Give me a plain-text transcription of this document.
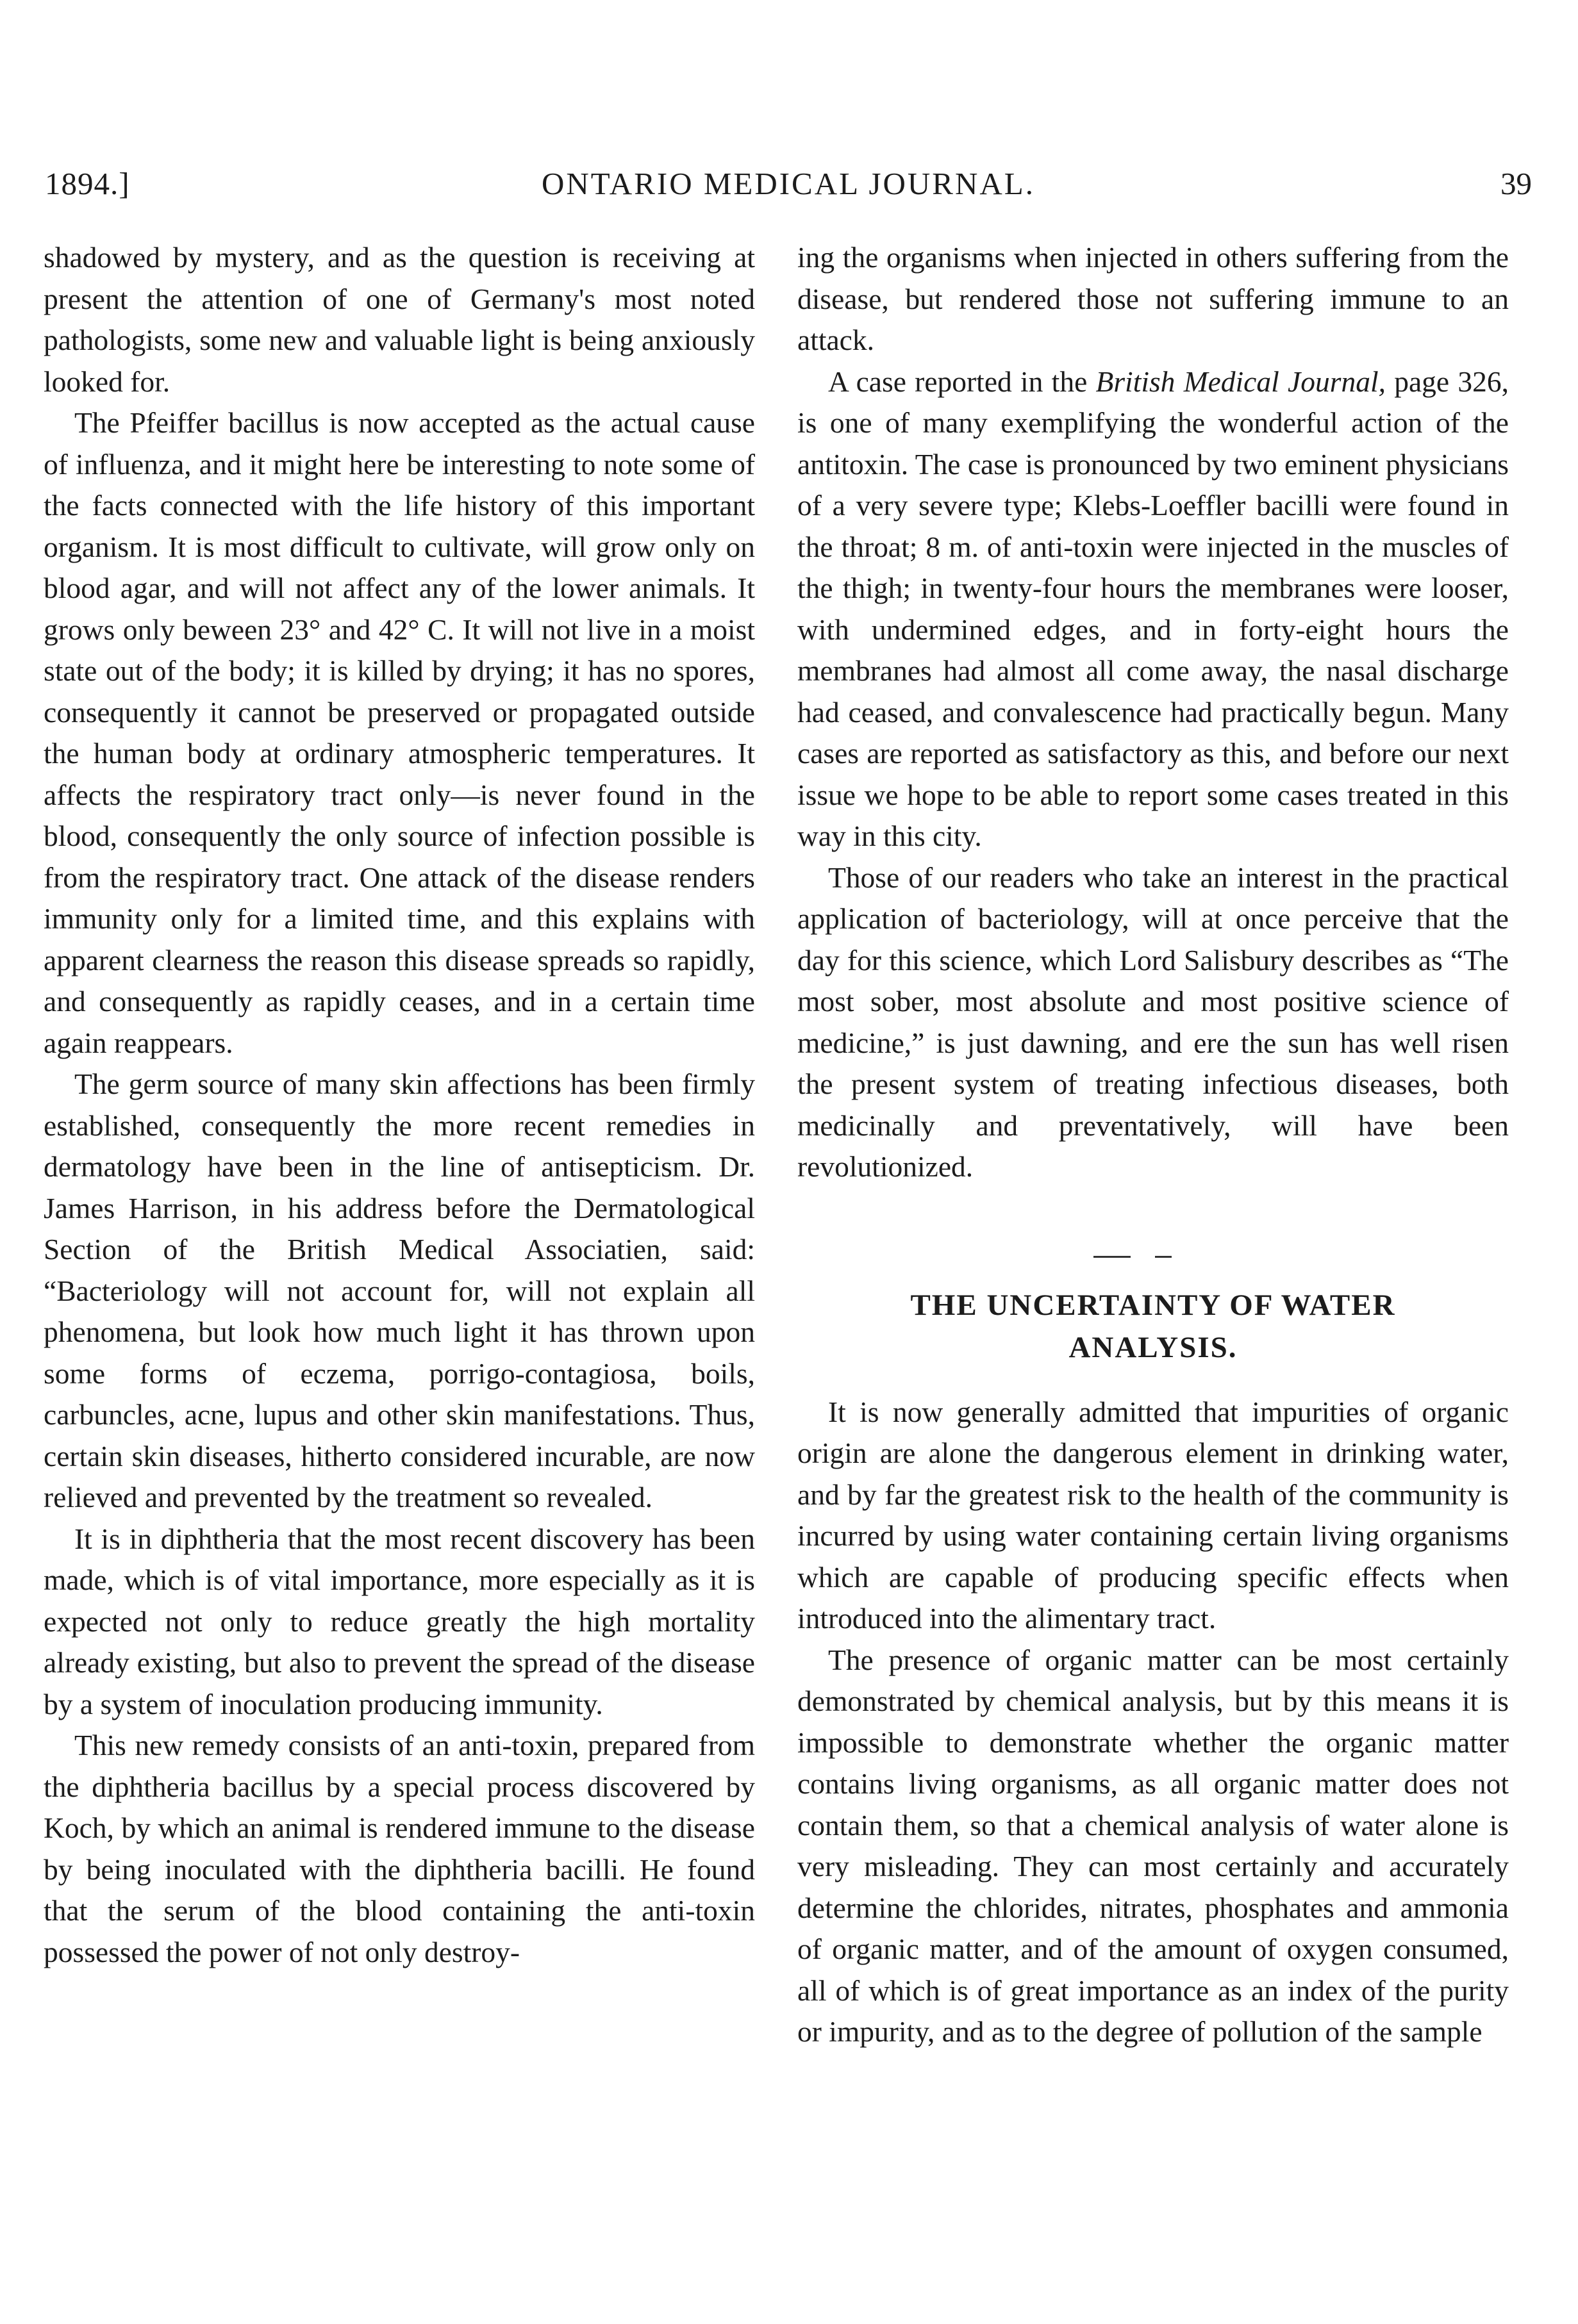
1894.]	ONTARIO MEDICAL JOURNAL.	39

shadowed by mystery, and as the question is receiving at present the attention of one of Germany's most noted pathologists, some new and valuable light is being anxiously looked for.

The Pfeiffer bacillus is now accepted as the actual cause of influenza, and it might here be interesting to note some of the facts connected with the life history of this important organism. It is most difficult to cultivate, will grow only on blood agar, and will not affect any of the lower animals. It grows only beween 23° and 42° C. It will not live in a moist state out of the body; it is killed by drying; it has no spores, consequently it cannot be preserved or propagated outside the human body at ordinary atmospheric temperatures. It affects the respiratory tract only—is never found in the blood, consequently the only source of infection possible is from the respiratory tract. One attack of the disease renders immunity only for a limited time, and this explains with apparent clearness the reason this disease spreads so rapidly, and consequently as rapidly ceases, and in a certain time again reappears.

The germ source of many skin affections has been firmly established, consequently the more recent remedies in dermatology have been in the line of antisepticism. Dr. James Harrison, in his address before the Dermatological Section of the British Medical Associatien, said: “Bacteriology will not account for, will not explain all phenomena, but look how much light it has thrown upon some forms of eczema, porrigo-contagiosa, boils, carbuncles, acne, lupus and other skin manifestations. Thus, certain skin diseases, hitherto considered incurable, are now relieved and prevented by the treatment so revealed.

It is in diphtheria that the most recent discovery has been made, which is of vital importance, more especially as it is expected not only to reduce greatly the high mortality already existing, but also to prevent the spread of the disease by a system of inoculation producing immunity.

This new remedy consists of an anti-toxin, prepared from the diphtheria bacillus by a special process discovered by Koch, by which an animal is rendered immune to the disease by being inoculated with the diphtheria bacilli. He found that the serum of the blood containing the anti-toxin possessed the power of not only destroy-

ing the organisms when injected in others suffering from the disease, but rendered those not suffering immune to an attack.

A case reported in the British Medical Journal, page 326, is one of many exemplifying the wonderful action of the antitoxin. The case is pronounced by two eminent physicians of a very severe type; Klebs-Loeffler bacilli were found in the throat; 8 m. of anti-toxin were injected in the muscles of the thigh; in twenty-four hours the membranes were looser, with undermined edges, and in forty-eight hours the membranes had almost all come away, the nasal discharge had ceased, and convalescence had practically begun. Many cases are reported as satisfactory as this, and before our next issue we hope to be able to report some cases treated in this way in this city.

Those of our readers who take an interest in the practical application of bacteriology, will at once perceive that the day for this science, which Lord Salisbury describes as “The most sober, most absolute and most positive science of medicine,” is just dawning, and ere the sun has well risen the present system of treating infectious diseases, both medicinally and preventatively, will have been revolutionized.

THE UNCERTAINTY OF WATER
ANALYSIS.

It is now generally admitted that impurities of organic origin are alone the dangerous element in drinking water, and by far the greatest risk to the health of the community is incurred by using water containing certain living organisms which are capable of producing specific effects when introduced into the alimentary tract.

The presence of organic matter can be most certainly demonstrated by chemical analysis, but by this means it is impossible to demonstrate whether the organic matter contains living organisms, as all organic matter does not contain them, so that a chemical analysis of water alone is very misleading. They can most certainly and accurately determine the chlorides, nitrates, phosphates and ammonia of organic matter, and of the amount of oxygen consumed, all of which is of great importance as an index of the purity or impurity, and as to the degree of pollution of the sample
